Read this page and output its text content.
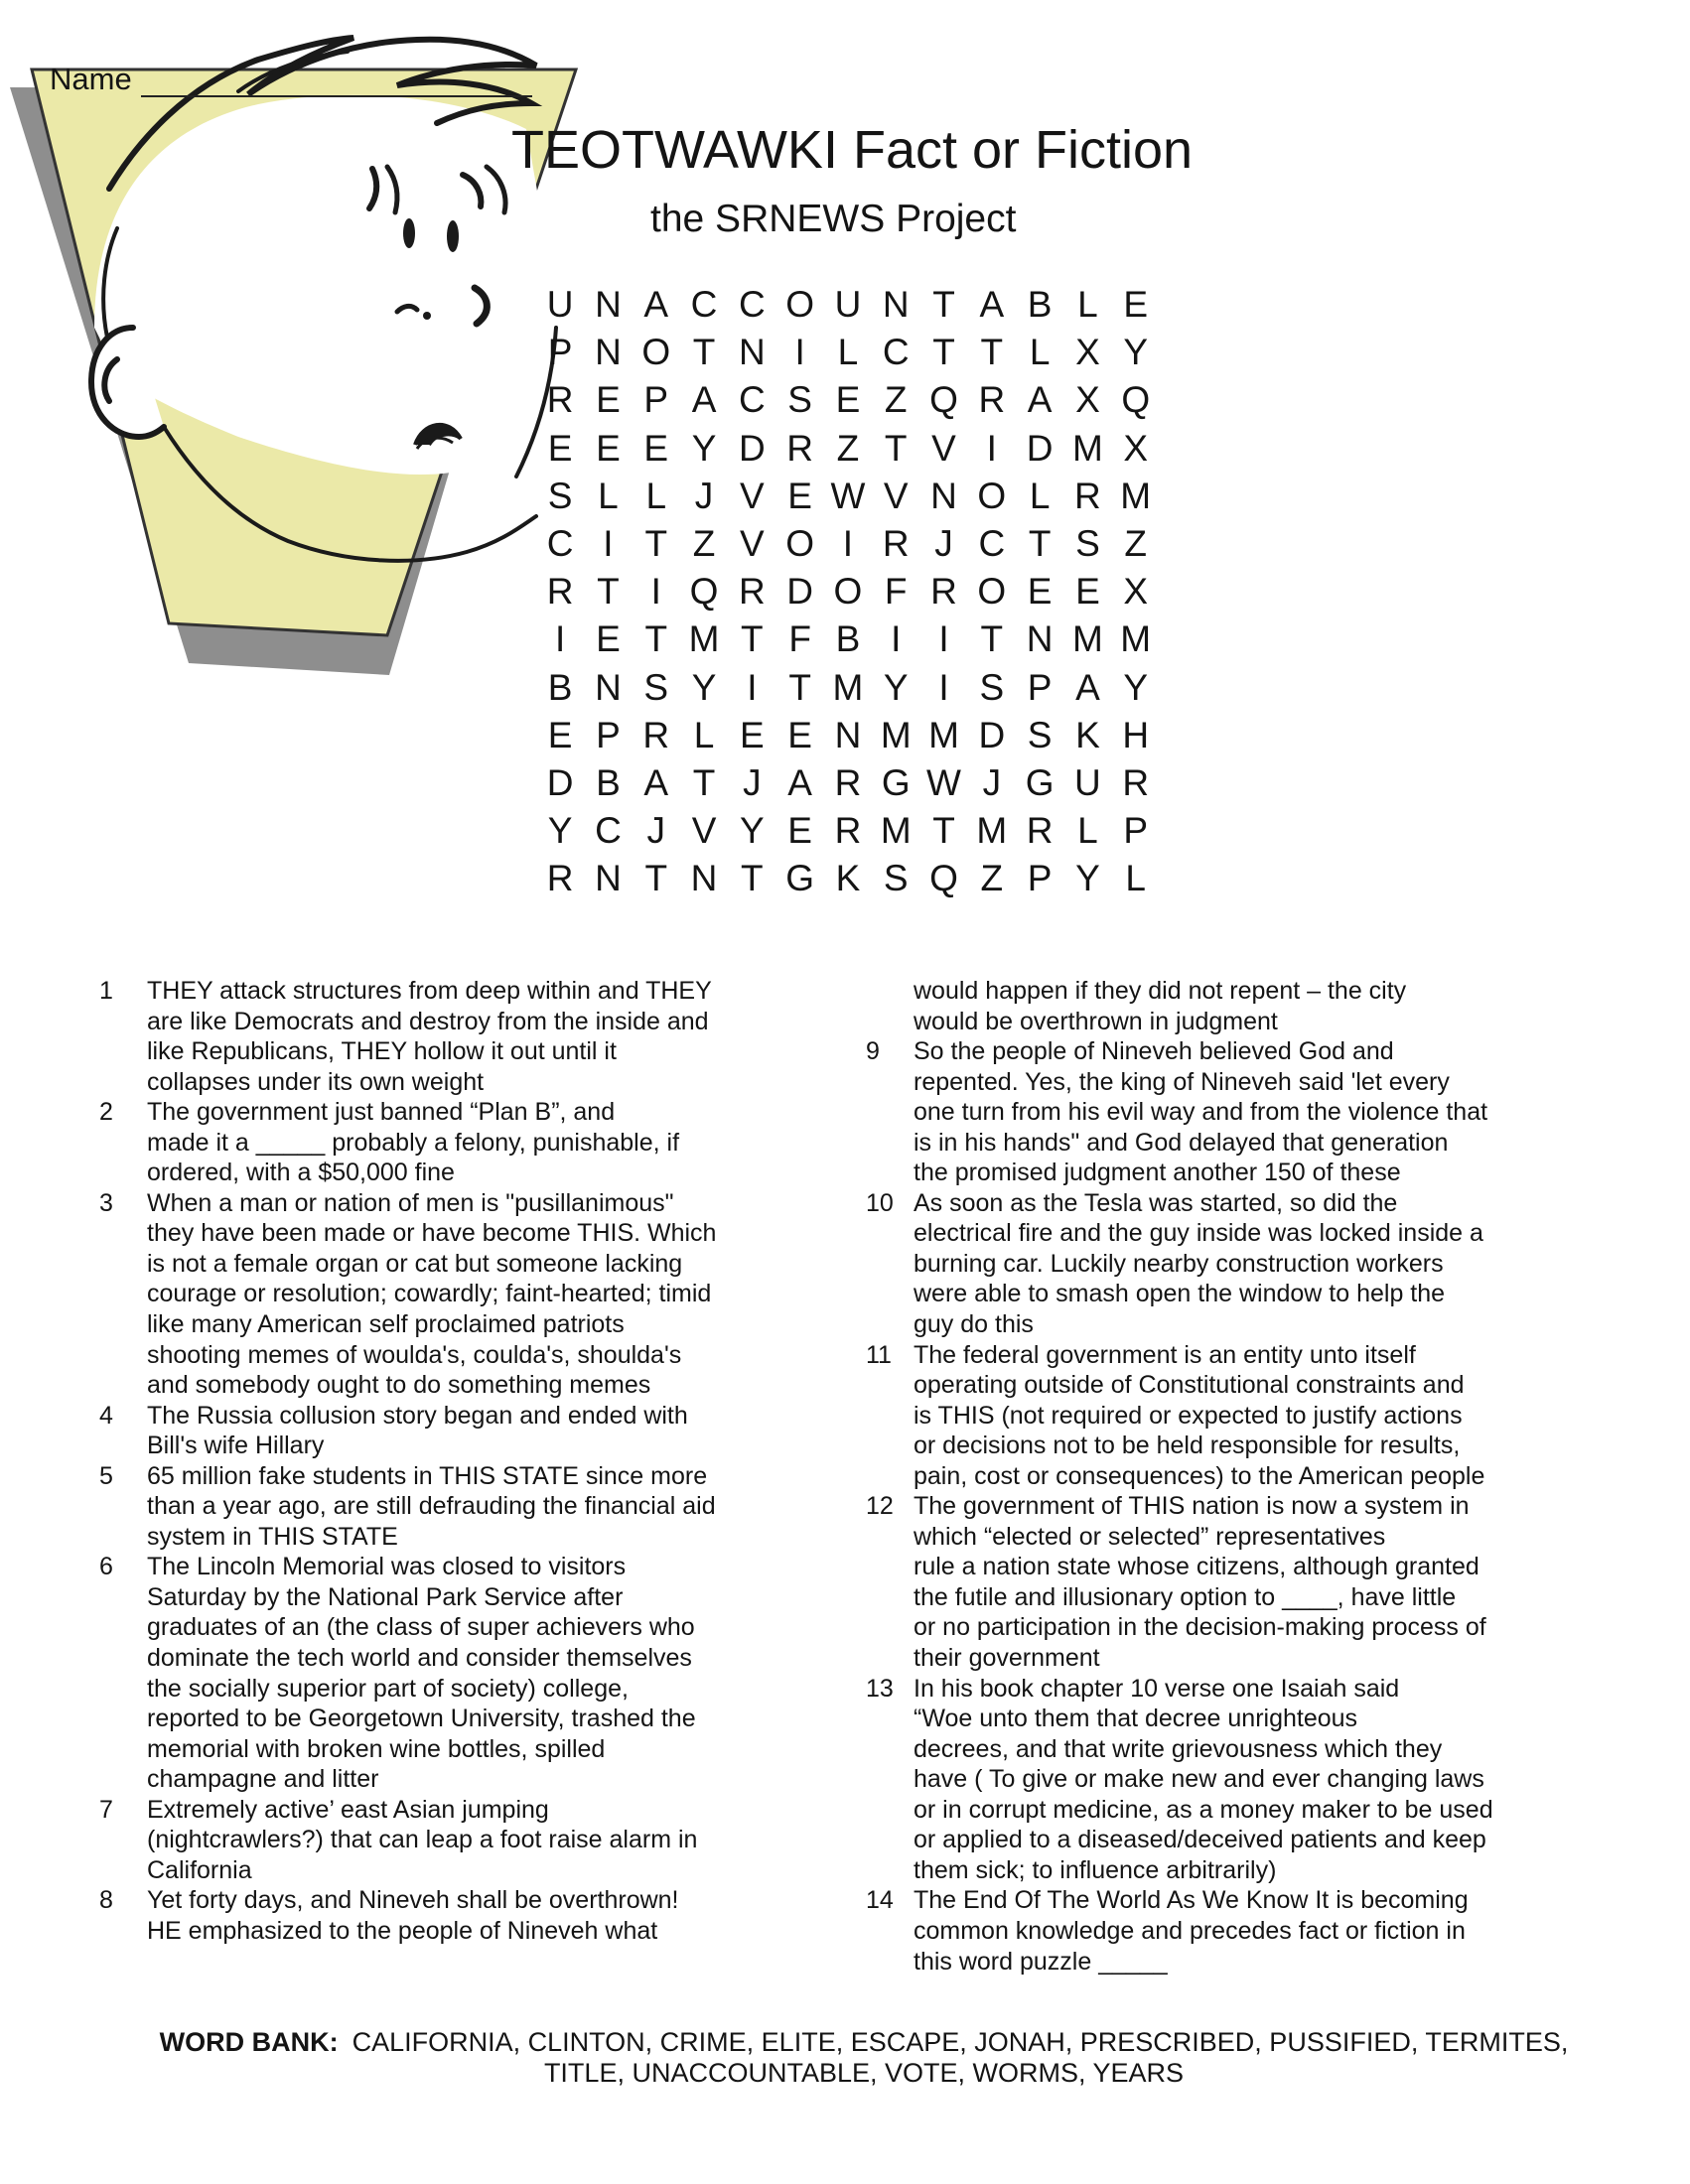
Name
TEOTWAWKI Fact or Fiction
the SRNEWS Project
U N A C C O U N T A B L E
P N O T N I L C T T L X Y
R E P A C S E Z Q R A X Q
E E E Y D R Z T V I D M X
S L L J V E W V N O L R M
C I T Z V O I R J C T S Z
R T I Q R D O F R O E E X
I E T M T F B I	I T N M M
B N S Y I T M Y I S P A Y
E P R L E E N M M D S K H
D B A T J A R G W J G U R
Y C J V Y E R M T M R L P
R N T N T G K S Q Z P Y L
1	THEY attack structures from deep within and THEY
are like Democrats and destroy from the inside and
like Republicans, THEY hollow it out until it
collapses under its own weight
2	The government just banned “Plan B”, and
made it a _____ probably a felony, punishable, if
ordered, with a $50,000 fine
3	When a man or nation of men is "pusillanimous"
they have been made or have become THIS. Which
is not a female organ or cat but someone lacking
courage or resolution; cowardly; faint-hearted; timid
like many American self proclaimed patriots
shooting memes of woulda's, coulda's, shoulda's
and somebody ought to do something memes
4	The Russia collusion story began and ended with
Bill's wife Hillary
5	65 million fake students in THIS STATE since more
than a year ago, are still defrauding the financial aid
system in THIS STATE
6	The Lincoln Memorial was closed to visitors
Saturday by the National Park Service after
graduates of an (the class of super achievers who
dominate the tech world and consider themselves
the socially superior part of society) college,
reported to be Georgetown University, trashed the
memorial with broken wine bottles, spilled
champagne and litter
7	Extremely active’ east Asian jumping
(nightcrawlers?) that can leap a foot raise alarm in
California
8	Yet forty days, and Nineveh shall be overthrown!
HE emphasized to the people of Nineveh what
would happen if they did not repent – the city
would be overthrown in judgment
9	So the people of Nineveh believed God and
repented. Yes, the king of Nineveh said 'let every
one turn from his evil way and from the violence that
is in his hands" and God delayed that generation
the promised judgment another 150 of these
10 As soon as the Tesla was started, so did the
electrical fire and the guy inside was locked inside a
burning car. Luckily nearby construction workers
were able to smash open the window to help the
guy do this
11 The federal government is an entity unto itself
operating outside of Constitutional constraints and
is THIS (not required or expected to justify actions
or decisions not to be held responsible for results,
pain, cost or consequences) to the American people
12 The government of THIS nation is now a system in
which “elected or selected” representatives
rule a nation state whose citizens, although granted
the futile and illusionary option to ____, have little
or no participation in the decision-making process of
their government
13 In his book chapter 10 verse one Isaiah said
“Woe unto them that decree unrighteous
decrees, and that write grievousness which they
have ( To give or make new and ever changing laws
or in corrupt medicine, as a money maker to be used
or applied to a diseased/deceived patients and keep
them sick; to influence arbitrarily)
14 The End Of The World As We Know It is becoming
common knowledge and precedes fact or fiction in
this word puzzle _____
WORD BANK: CALIFORNIA, CLINTON, CRIME, ELITE, ESCAPE, JONAH, PRESCRIBED, PUSSIFIED, TERMITES,
TITLE, UNACCOUNTABLE, VOTE, WORMS, YEARS
